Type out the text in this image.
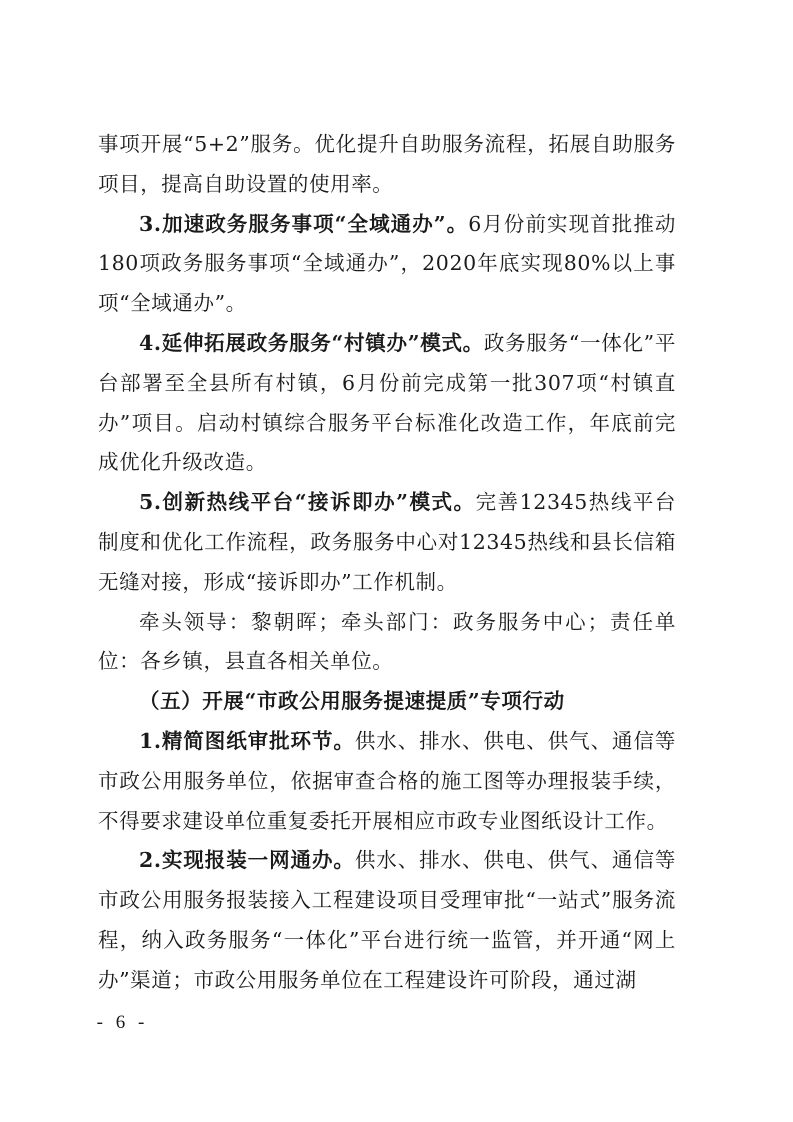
事项开展“5+2”服务。优化提升自助服务流程，拓展自助服务项目，提高自助设置的使用率。

3.加速政务服务事项“全域通办”。6月份前实现首批推动180项政务服务事项“全域通办”，2020年底实现80%以上事项“全域通办”。

4.延伸拓展政务服务“村镇办”模式。政务服务“一体化”平台部署至全县所有村镇，6月份前完成第一批307项“村镇直办”项目。启动村镇综合服务平台标准化改造工作，年底前完成优化升级改造。

5.创新热线平台“接诉即办”模式。完善12345热线平台制度和优化工作流程，政务服务中心对12345热线和县长信箱无缝对接，形成“接诉即办”工作机制。

牵头领导：黎朝晖；牵头部门：政务服务中心；责任单位：各乡镇，县直各相关单位。

（五）开展“市政公用服务提速提质”专项行动

1.精简图纸审批环节。供水、排水、供电、供气、通信等市政公用服务单位，依据审查合格的施工图等办理报装手续，不得要求建设单位重复委托开展相应市政专业图纸设计工作。

2.实现报装一网通办。供水、排水、供电、供气、通信等市政公用服务报装接入工程建设项目受理审批“一站式”服务流程，纳入政务服务“一体化”平台进行统一监管，并开通“网上办”渠道；市政公用服务单位在工程建设许可阶段，通过湖

- 6 -
